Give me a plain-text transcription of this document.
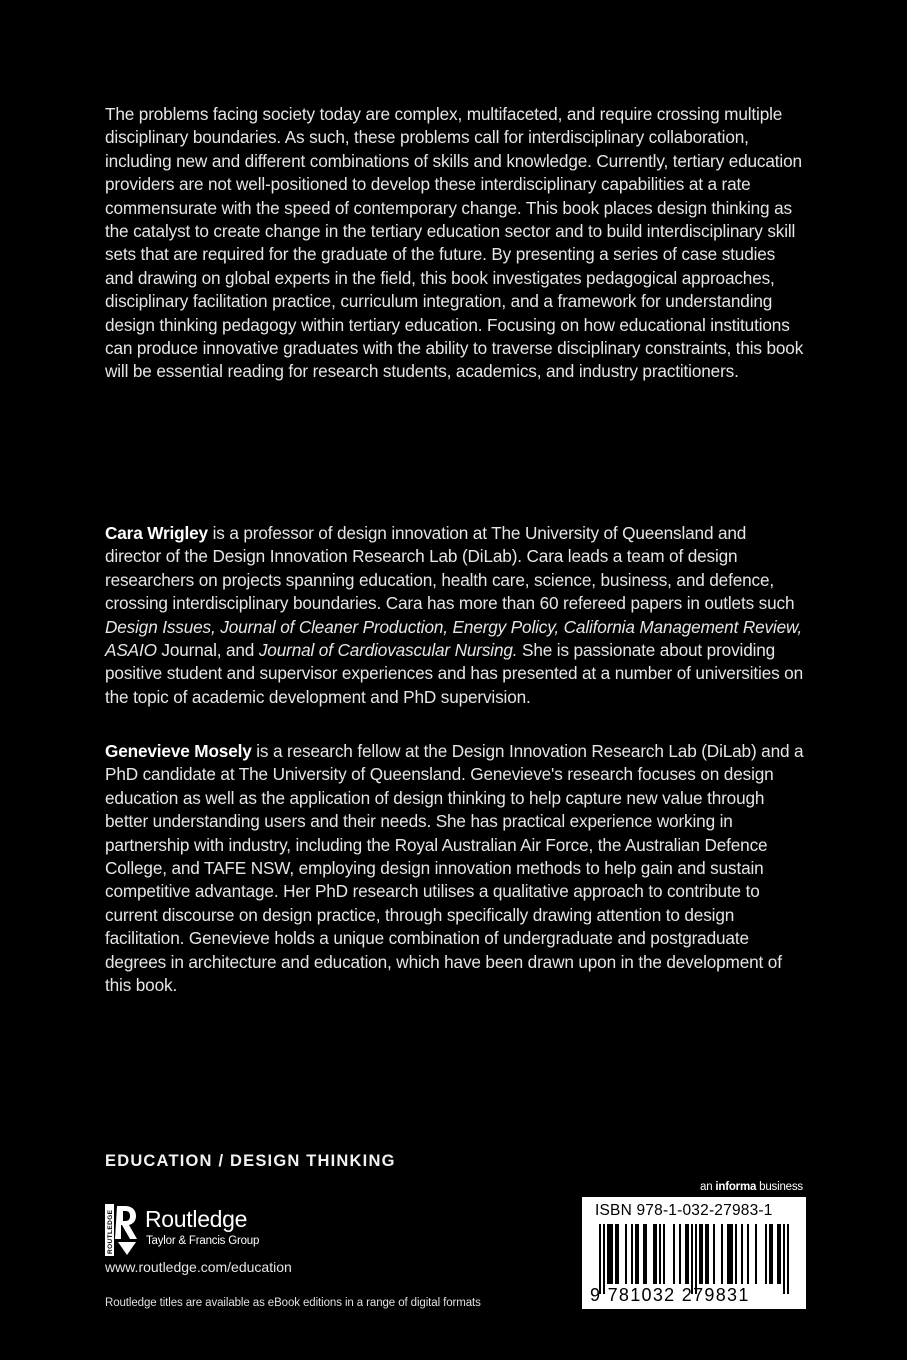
The problems facing society today are complex, multifaceted, and require crossing multiple disciplinary boundaries. As such, these problems call for interdisciplinary collaboration, including new and different combinations of skills and knowledge. Currently, tertiary education providers are not well-positioned to develop these interdisciplinary capabilities at a rate commensurate with the speed of contemporary change. This book places design thinking as the catalyst to create change in the tertiary education sector and to build interdisciplinary skill sets that are required for the graduate of the future. By presenting a series of case studies and drawing on global experts in the field, this book investigates pedagogical approaches, disciplinary facilitation practice, curriculum integration, and a framework for understanding design thinking pedagogy within tertiary education. Focusing on how educational institutions can produce innovative graduates with the ability to traverse disciplinary constraints, this book will be essential reading for research students, academics, and industry practitioners.

Cara Wrigley is a professor of design innovation at The University of Queensland and director of the Design Innovation Research Lab (DiLab). Cara leads a team of design researchers on projects spanning education, health care, science, business, and defence, crossing interdisciplinary boundaries. Cara has more than 60 refereed papers in outlets such Design Issues, Journal of Cleaner Production, Energy Policy, California Management Review, ASAIO Journal, and Journal of Cardiovascular Nursing. She is passionate about providing positive student and supervisor experiences and has presented at a number of universities on the topic of academic development and PhD supervision.

Genevieve Mosely is a research fellow at the Design Innovation Research Lab (DiLab) and a PhD candidate at The University of Queensland. Genevieve's research focuses on design education as well as the application of design thinking to help capture new value through better understanding users and their needs. She has practical experience working in partnership with industry, including the Royal Australian Air Force, the Australian Defence College, and TAFE NSW, employing design innovation methods to help gain and sustain competitive advantage. Her PhD research utilises a qualitative approach to contribute to current discourse on design practice, through specifically drawing attention to design facilitation. Genevieve holds a unique combination of undergraduate and postgraduate degrees in architecture and education, which have been drawn upon in the development of this book.

EDUCATION / DESIGN THINKING
ROUTLEDGE Routledge
Taylor & Francis Group
www.routledge.com/education
Routledge titles are available as eBook editions in a range of digital formats
an informa business
ISBN 978-1-032-27983-1
9 781032 279831
